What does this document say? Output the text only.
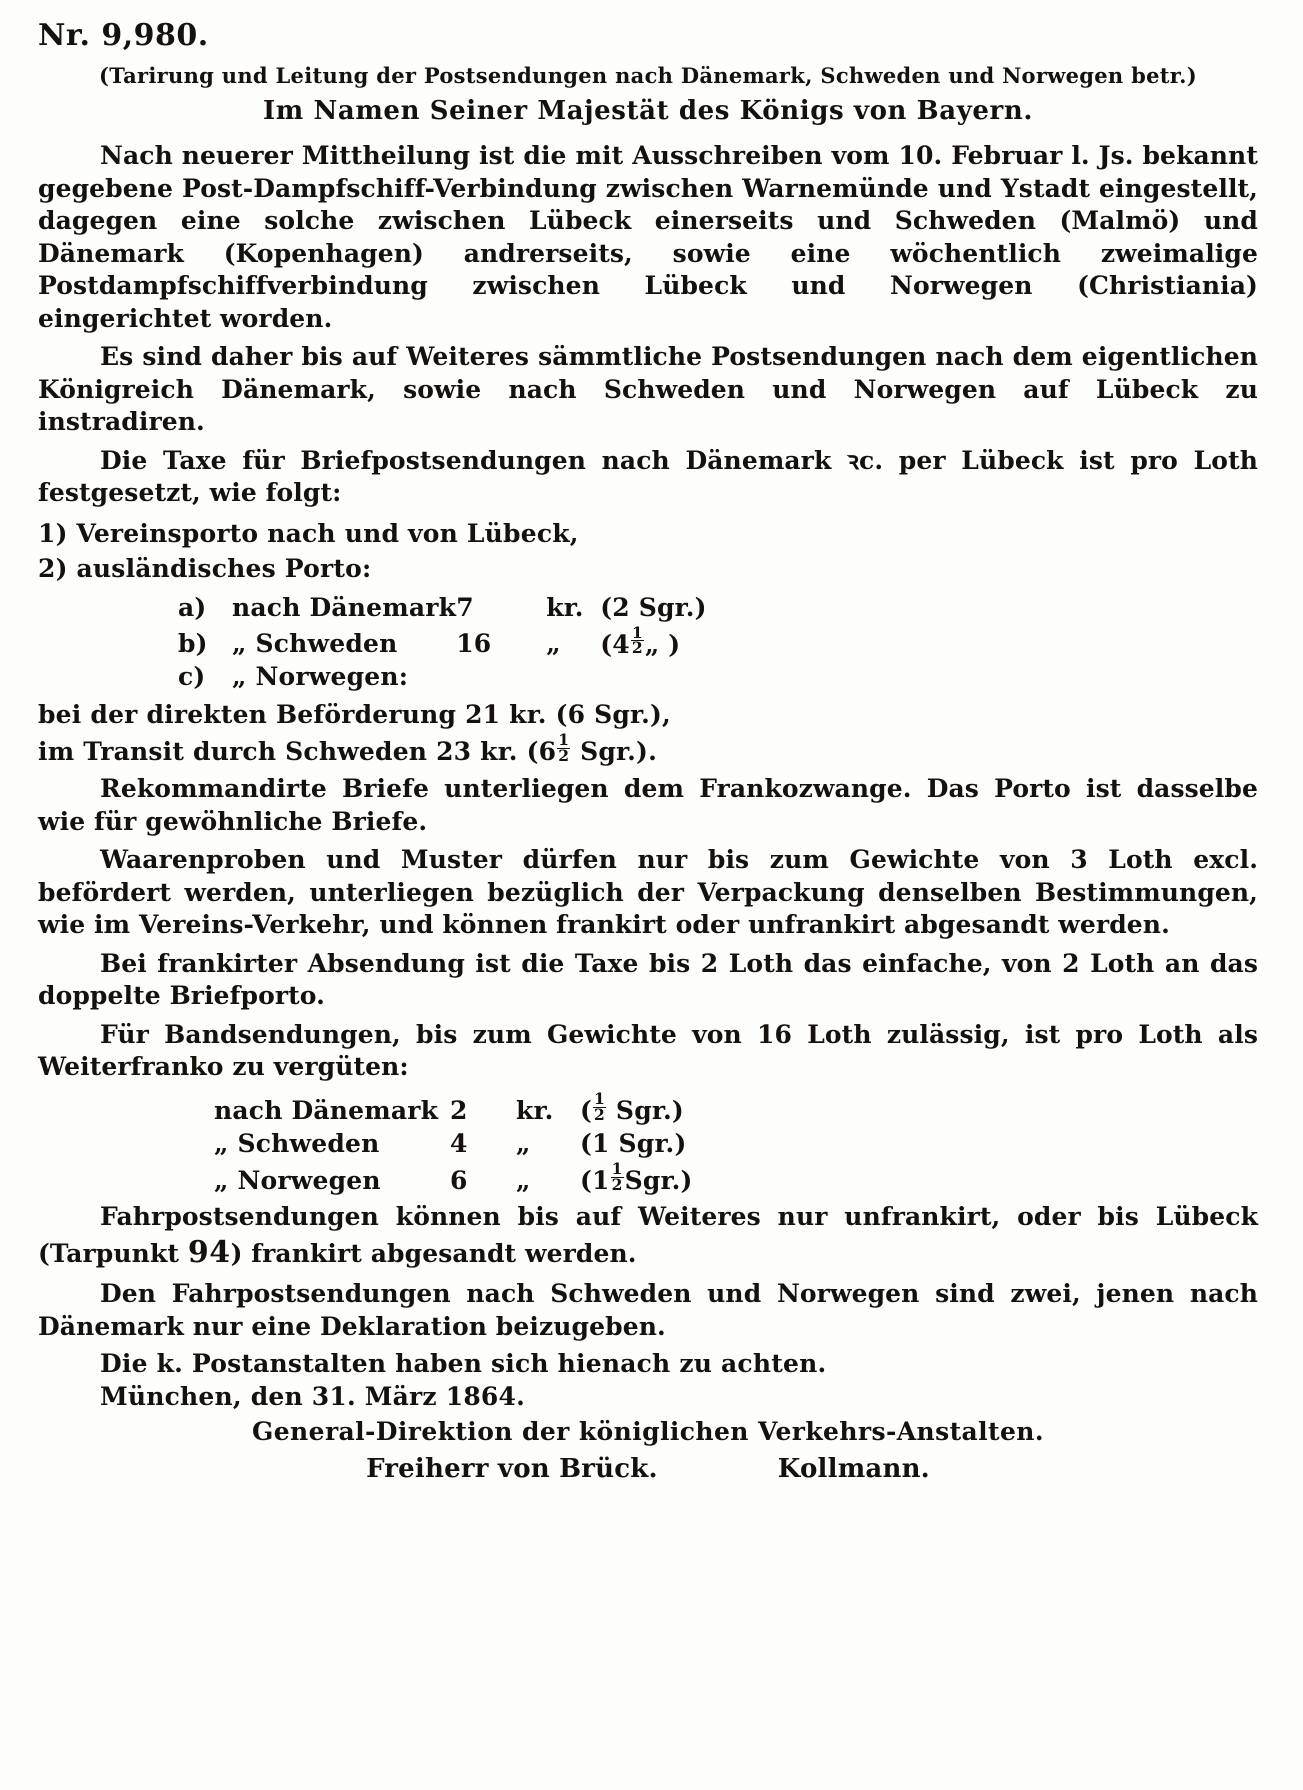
Nr. 9,980.
(Tarirung und Leitung der Postsendungen nach Dänemark, Schweden und Norwegen betr.)
Im Namen Seiner Majestät des Königs von Bayern.

Nach neuerer Mittheilung ist die mit Ausschreiben vom 10. Februar l. Js. bekannt gegebene Post-Dampfschiff-Verbindung zwischen Warnemünde und Ystadt eingestellt, dagegen eine solche zwischen Lübeck einerseits und Schweden (Malmö) und Dänemark (Kopenhagen) andrerseits, sowie eine wöchentlich zweimalige Postdampfschiffverbindung zwischen Lübeck und Norwegen (Christiania) eingerichtet worden.

Es sind daher bis auf Weiteres sämmtliche Postsendungen nach dem eigentlichen Königreich Dänemark, sowie nach Schweden und Norwegen auf Lübeck zu instradiren.

Die Taxe für Briefpostsendungen nach Dänemark ꝛc. per Lübeck ist pro Loth festgesetzt, wie folgt:

1) Vereinsporto nach und von Lübeck,
2) ausländisches Porto:
a)	nach Dänemark	7	kr.	(2 Sgr.)
b)	„ Schweden	16	„	($4 \frac{1}{2}$ „ )
c)	„ Norwegen:			
bei der direkten Beförderung 21 kr. (6 Sgr.),
im Transit durch Schweden 23 kr. $(6 \frac{1}{2} Sgr.)$.

Rekommandirte Briefe unterliegen dem Frankozwange. Das Porto ist dasselbe wie für gewöhnliche Briefe.

Waarenproben und Muster dürfen nur bis zum Gewichte von 3 Loth excl. befördert werden, unterliegen bezüglich der Verpackung denselben Bestimmungen, wie im Vereins-Verkehr, und können frankirt oder unfrankirt abgesandt werden.

Bei frankirter Absendung ist die Taxe bis 2 Loth das einfache, von 2 Loth an das doppelte Briefporto.

Für Bandsendungen, bis zum Gewichte von 16 Loth zulässig, ist pro Loth als Weiterfranko zu vergüten:

nach Dänemark	2	kr.	( $\frac{1}{2} Sgr$.)
„ Schweden	4	„	(1 Sgr.)
„ Norwegen	6	„	$(1 \frac{1}{2} Sgr.)$

Fahrpostsendungen können bis auf Weiteres nur unfrankirt, oder bis Lübeck (Tarpunkt 94) frankirt abgesandt werden.

Den Fahrpostsendungen nach Schweden und Norwegen sind zwei, jenen nach Dänemark nur eine Deklaration beizugeben.

Die k. Postanstalten haben sich hienach zu achten.
München, den 31. März 1864.
General-Direktion der königlichen Verkehrs-Anstalten.
Freiherr von Brück.	Kollmann.
